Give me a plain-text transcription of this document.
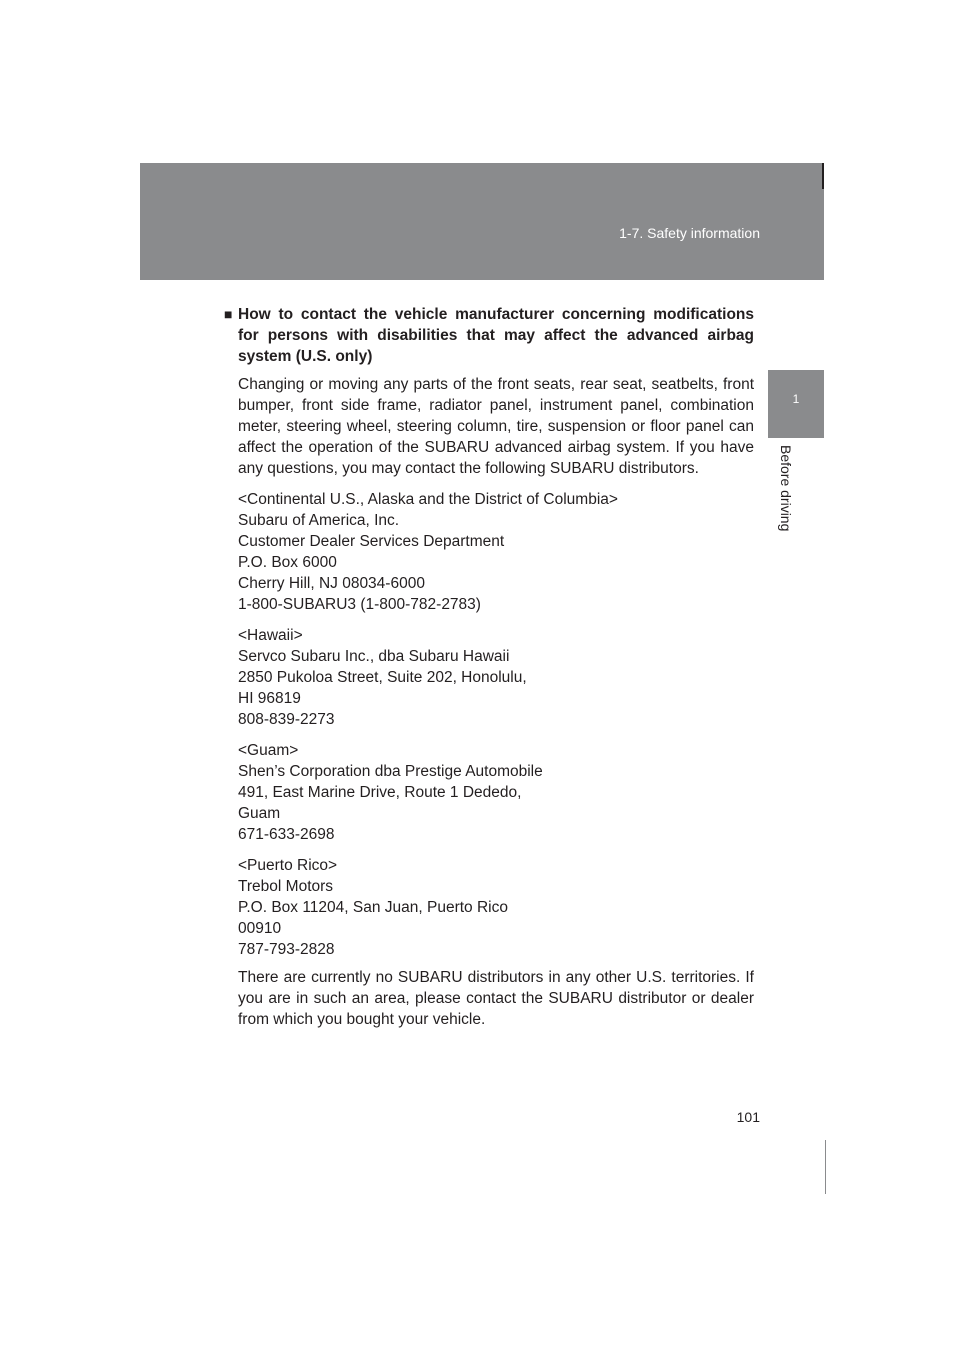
1-7. Safety information
1
Before driving
■ How to contact the vehicle manufacturer concerning modifications for persons with disabilities that may affect the advanced airbag system (U.S. only)

Changing or moving any parts of the front seats, rear seat, seatbelts, front bumper, front side frame, radiator panel, instrument panel, combination meter, steering wheel, steering column, tire, suspension or floor panel can affect the operation of the SUBARU advanced airbag system. If you have any questions, you may contact the following SUBARU distributors.

<Continental U.S., Alaska and the District of Columbia>
Subaru of America, Inc.
Customer Dealer Services Department
P.O. Box 6000
Cherry Hill, NJ 08034-6000
1-800-SUBARU3 (1-800-782-2783)
<Hawaii>
Servco Subaru Inc., dba Subaru Hawaii
2850 Pukoloa Street, Suite 202, Honolulu,
HI 96819
808-839-2273
<Guam>
Shen’s Corporation dba Prestige Automobile
491, East Marine Drive, Route 1 Dededo,
Guam
671-633-2698
<Puerto Rico>
Trebol Motors
P.O. Box 11204, San Juan, Puerto Rico
00910
787-793-2828

There are currently no SUBARU distributors in any other U.S. territories. If you are in such an area, please contact the SUBARU distributor or dealer from which you bought your vehicle.

101
